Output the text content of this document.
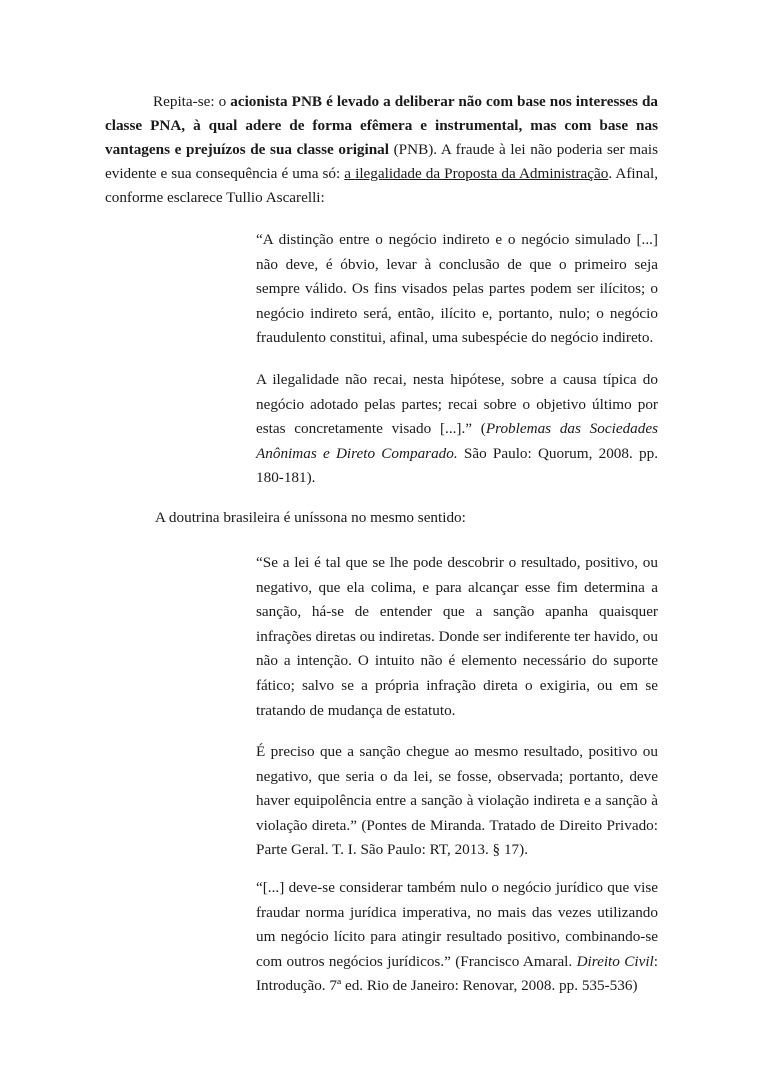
Repita-se: o acionista PNB é levado a deliberar não com base nos interesses da classe PNA, à qual adere de forma efêmera e instrumental, mas com base nas vantagens e prejuízos de sua classe original (PNB). A fraude à lei não poderia ser mais evidente e sua consequência é uma só: a ilegalidade da Proposta da Administração. Afinal, conforme esclarece Tullio Ascarelli:

“A distinção entre o negócio indireto e o negócio simulado [...] não deve, é óbvio, levar à conclusão de que o primeiro seja sempre válido. Os fins visados pelas partes podem ser ilícitos; o negócio indireto será, então, ilícito e, portanto, nulo; o negócio fraudulento constitui, afinal, uma subespécie do negócio indireto.

A ilegalidade não recai, nesta hipótese, sobre a causa típica do negócio adotado pelas partes; recai sobre o objetivo último por estas concretamente visado [...].” (Problemas das Sociedades Anônimas e Direto Comparado. São Paulo: Quorum, 2008. pp. 180-181).

A doutrina brasileira é uníssona no mesmo sentido:

“Se a lei é tal que se lhe pode descobrir o resultado, positivo, ou negativo, que ela colima, e para alcançar esse fim determina a sanção, há-se de entender que a sanção apanha quaisquer infrações diretas ou indiretas. Donde ser indiferente ter havido, ou não a intenção. O intuito não é elemento necessário do suporte fático; salvo se a própria infração direta o exigiria, ou em se tratando de mudança de estatuto.

É preciso que a sanção chegue ao mesmo resultado, positivo ou negativo, que seria o da lei, se fosse, observada; portanto, deve haver equipolência entre a sanção à violação indireta e a sanção à violação direta.” (Pontes de Miranda. Tratado de Direito Privado: Parte Geral. T. I. São Paulo: RT, 2013. § 17).

“[...] deve-se considerar também nulo o negócio jurídico que vise fraudar norma jurídica imperativa, no mais das vezes utilizando um negócio lícito para atingir resultado positivo, combinando-se com outros negócios jurídicos.” (Francisco Amaral. Direito Civil: Introdução. 7ª ed. Rio de Janeiro: Renovar, 2008. pp. 535-536)
